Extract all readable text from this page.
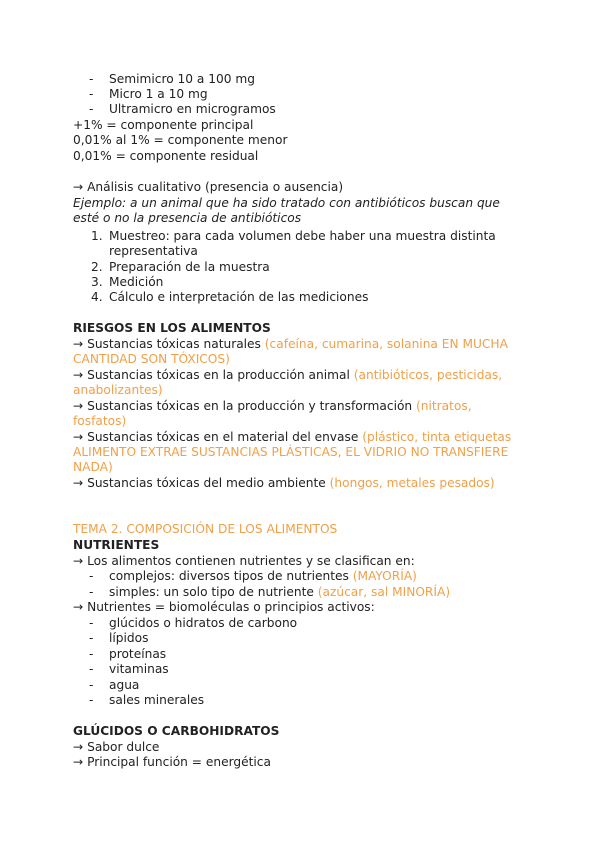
- Semimicro 10 a 100 mg
- Micro 1 a 10 mg
- Ultramicro en microgramos
+1% = componente principal
0,01% al 1% = componente menor
0,01% = componente residual
→ Análisis cualitativo (presencia o ausencia)
Ejemplo: a un animal que ha sido tratado con antibióticos buscan que
esté o no la presencia de antibióticos
1. Muestreo: para cada volumen debe haber una muestra distinta
representativa
2. Preparación de la muestra
3. Medición
4. Cálculo e interpretación de las mediciones
RIESGOS EN LOS ALIMENTOS
→ Sustancias tóxicas naturales (cafeína, cumarina, solanina EN MUCHA
CANTIDAD SON TÓXICOS)
→ Sustancias tóxicas en la producción animal (antibióticos, pesticidas,
anabolizantes)
→ Sustancias tóxicas en la producción y transformación (nitratos,
fosfatos)
→ Sustancias tóxicas en el material del envase (plástico, tinta etiquetas
ALIMENTO EXTRAE SUSTANCIAS PLÁSTICAS, EL VIDRIO NO TRANSFIERE
NADA)
→ Sustancias tóxicas del medio ambiente (hongos, metales pesados)
TEMA 2. COMPOSICIÓN DE LOS ALIMENTOS
NUTRIENTES
→ Los alimentos contienen nutrientes y se clasifican en:
- complejos: diversos tipos de nutrientes (MAYORÍA)
- simples: un solo tipo de nutriente (azúcar, sal MINORÍA)
→ Nutrientes = biomoléculas o principios activos:
- glúcidos o hidratos de carbono
- lípidos
- proteínas
- vitaminas
- agua
- sales minerales
GLÚCIDOS O CARBOHIDRATOS
→ Sabor dulce
→ Principal función = energética
